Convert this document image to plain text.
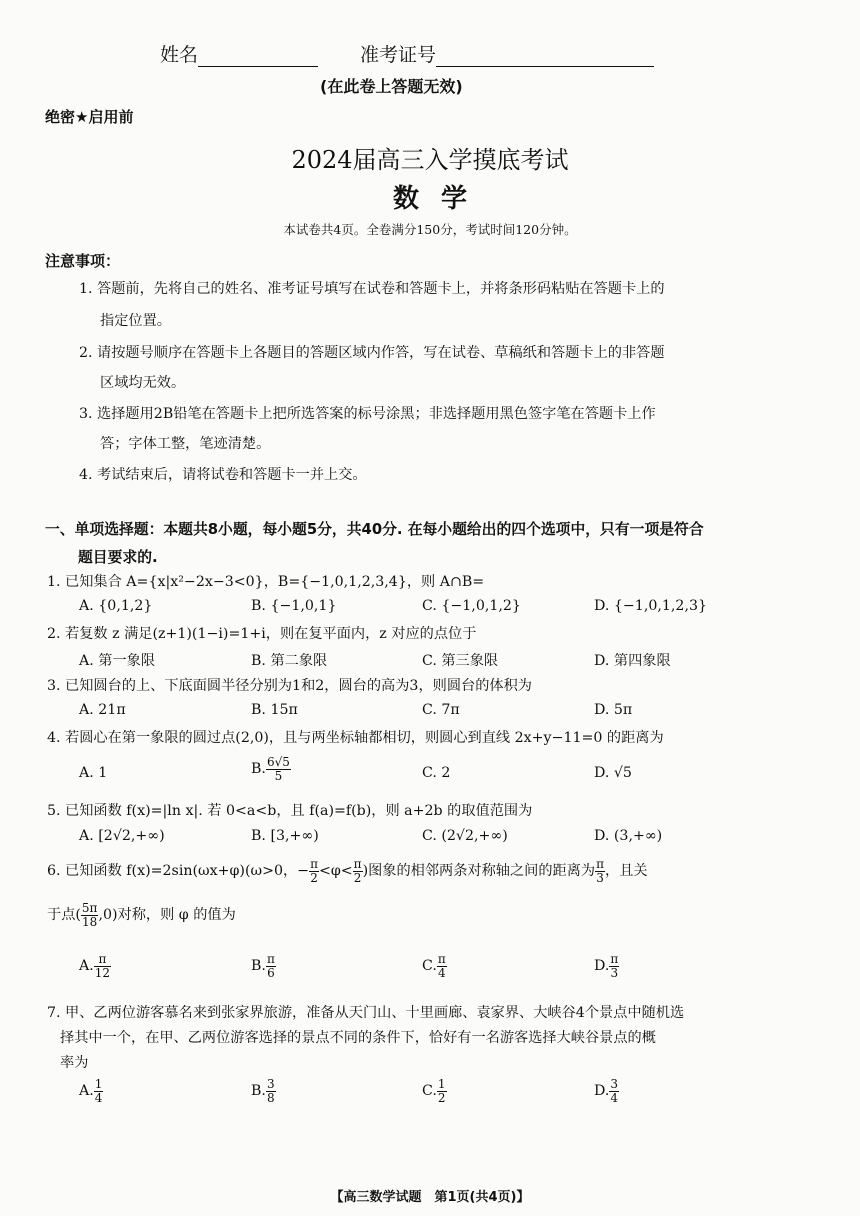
姓名	准考证号
(在此卷上答题无效)
绝密★启用前
2024届高三入学摸底考试
数学
本试卷共4页。全卷满分150分，考试时间120分钟。
注意事项：
1. 答题前，先将自己的姓名、准考证号填写在试卷和答题卡上，并将条形码粘贴在答题卡上的
指定位置。
2. 请按题号顺序在答题卡上各题目的答题区域内作答，写在试卷、草稿纸和答题卡上的非答题
区域均无效。
3. 选择题用2B铅笔在答题卡上把所选答案的标号涂黑；非选择题用黑色签字笔在答题卡上作
答；字体工整，笔迹清楚。
4. 考试结束后，请将试卷和答题卡一并上交。
一、单项选择题：本题共8小题，每小题5分，共40分. 在每小题给出的四个选项中，只有一项是符合
题目要求的.
1. 已知集合 A={x|x²−2x−3<0}，B={−1,0,1,2,3,4}，则 A∩B=
A. {0,1,2}	B. {−1,0,1}	C. {−1,0,1,2}	D. {−1,0,1,2,3}
2. 若复数 z 满足(z+1)(1−i)=1+i，则在复平面内，z 对应的点位于
A. 第一象限	B. 第二象限	C. 第三象限	D. 第四象限
3. 已知圆台的上、下底面圆半径分别为1和2，圆台的高为3，则圆台的体积为
A. 21π	B. 15π	C. 7π	D. 5π
4. 若圆心在第一象限的圆过点(2,0)，且与两坐标轴都相切，则圆心到直线 2x+y−11=0 的距离为
A. 1	B. $\frac{6√5}{5}$	C. 2	D. √5
5. 已知函数 f(x)=|ln x|. 若 0<a<b，且 f(a)=f(b)，则 a+2b 的取值范围为
A. [2√2,+∞)	B. [3,+∞)	C. (2√2,+∞)	D. (3,+∞)
6. 已知函数 f(x)=2sin(ωx+φ)(ω>0，− $\frac{\pi}{2} <\varphi< \frac{\pi}{2}$ )图象的相邻两条对称轴之间的距离为 $\frac{\pi}{3}$ ，且关
于点( $\frac{5\pi}{18} ,0$)对称，则 φ 的值为
A. $\frac{\pi}{12}$	B. $\frac{\pi}{6}$	C. $\frac{\pi}{4}$	D. $\frac{\pi}{3}$
7. 甲、乙两位游客慕名来到张家界旅游，准备从天门山、十里画廊、袁家界、大峡谷4个景点中随机选
择其中一个，在甲、乙两位游客选择的景点不同的条件下，恰好有一名游客选择大峡谷景点的概
率为
A. $\frac{1}{4}$	B. $\frac{3}{8}$	C. $\frac{1}{2}$	D. $\frac{3}{4}$
【高三数学试题　第1页(共4页)】
